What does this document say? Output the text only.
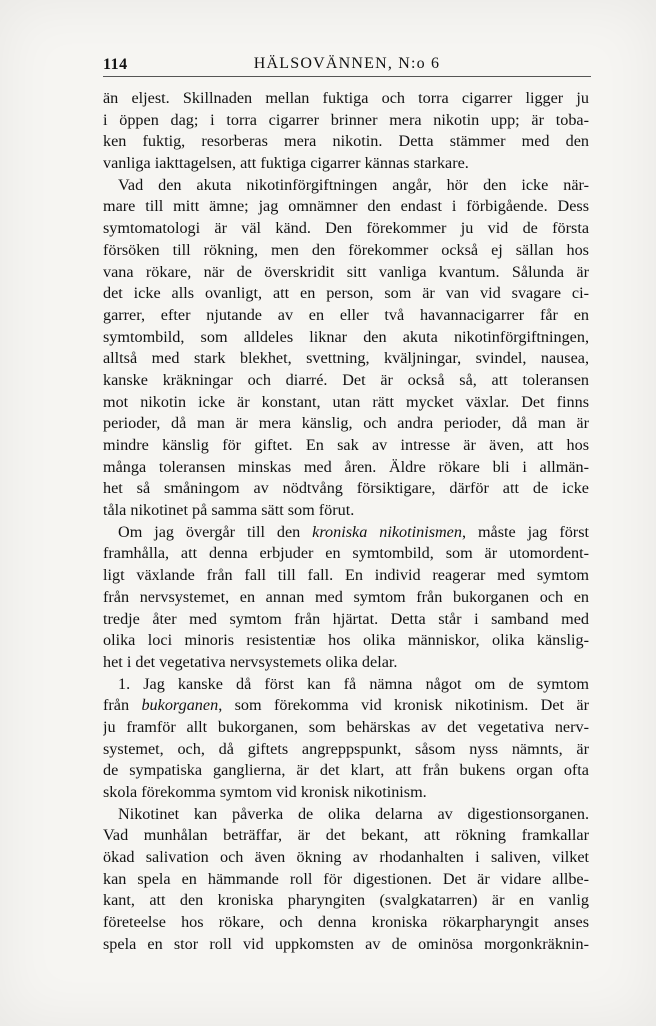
114	HÄLSOVÄNNEN, N:o 6
än eljest. Skillnaden mellan fuktiga och torra cigarrer ligger ju
i öppen dag; i torra cigarrer brinner mera nikotin upp; är toba-
ken fuktig, resorberas mera nikotin. Detta stämmer med den
vanliga iakttagelsen, att fuktiga cigarrer kännas starkare.
Vad den akuta nikotinförgiftningen angår, hör den icke när-
mare till mitt ämne; jag omnämner den endast i förbigående. Dess
symtomatologi är väl känd. Den förekommer ju vid de första
försöken till rökning, men den förekommer också ej sällan hos
vana rökare, när de överskridit sitt vanliga kvantum. Sålunda är
det icke alls ovanligt, att en person, som är van vid svagare ci-
garrer, efter njutande av en eller två havannacigarrer får en
symtombild, som alldeles liknar den akuta nikotinförgiftningen,
alltså med stark blekhet, svettning, kväljningar, svindel, nausea,
kanske kräkningar och diarré. Det är också så, att toleransen
mot nikotin icke är konstant, utan rätt mycket växlar. Det finns
perioder, då man är mera känslig, och andra perioder, då man är
mindre känslig för giftet. En sak av intresse är även, att hos
många toleransen minskas med åren. Äldre rökare bli i allmän-
het så småningom av nödtvång försiktigare, därför att de icke
tåla nikotinet på samma sätt som förut.
Om jag övergår till den kroniska nikotinismen, måste jag först
framhålla, att denna erbjuder en symtombild, som är utomordent-
ligt växlande från fall till fall. En individ reagerar med symtom
från nervsystemet, en annan med symtom från bukorganen och en
tredje åter med symtom från hjärtat. Detta står i samband med
olika loci minoris resistentiæ hos olika människor, olika känslig-
het i det vegetativa nervsystemets olika delar.
1. Jag kanske då först kan få nämna något om de symtom
från bukorganen, som förekomma vid kronisk nikotinism. Det är
ju framför allt bukorganen, som behärskas av det vegetativa nerv-
systemet, och, då giftets angreppspunkt, såsom nyss nämnts, är
de sympatiska ganglierna, är det klart, att från bukens organ ofta
skola förekomma symtom vid kronisk nikotinism.
Nikotinet kan påverka de olika delarna av digestionsorganen.
Vad munhålan beträffar, är det bekant, att rökning framkallar
ökad salivation och även ökning av rhodanhalten i saliven, vilket
kan spela en hämmande roll för digestionen. Det är vidare allbe-
kant, att den kroniska pharyngiten (svalgkatarren) är en vanlig
företeelse hos rökare, och denna kroniska rökarpharyngit anses
spela en stor roll vid uppkomsten av de ominösa morgonkräknin-
